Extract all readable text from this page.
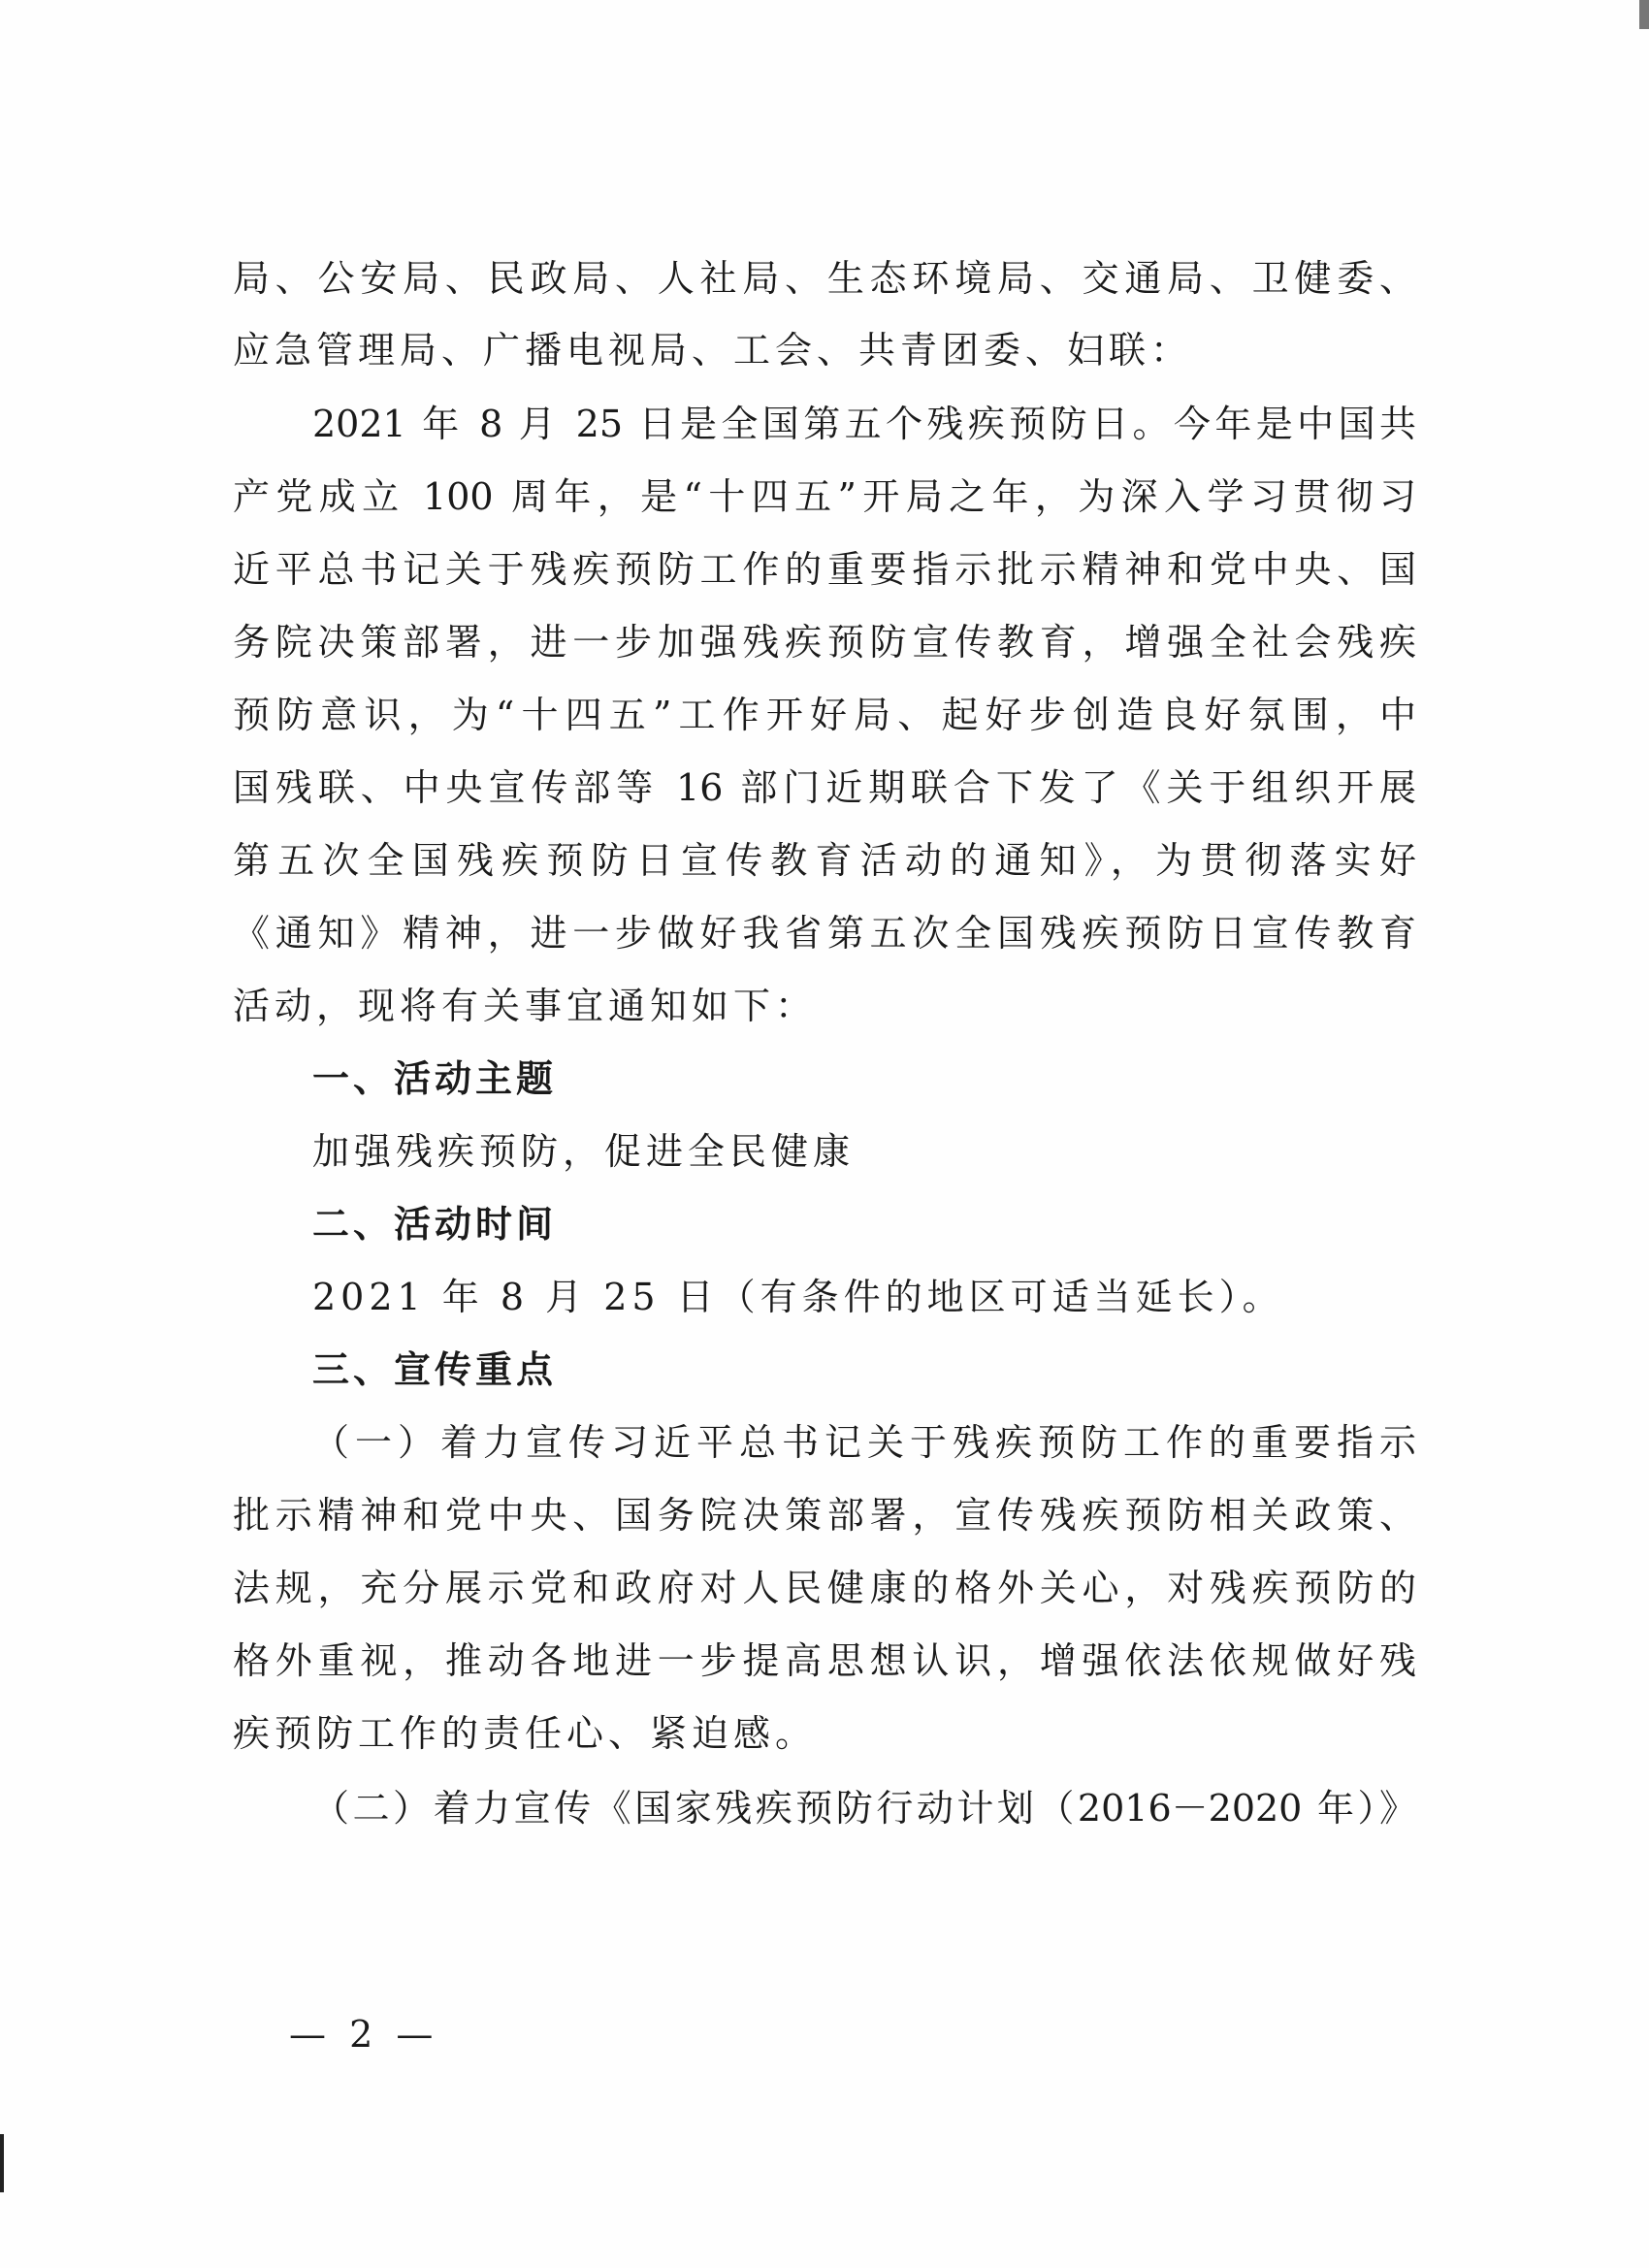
局、公安局、民政局、人社局、生态环境局、交通局、卫健委、
应急管理局、广播电视局、工会、共青团委、妇联：
2021 年 8 月 25 日是全国第五个残疾预防日。今年是中国共
产党成立 100 周年，是“十四五”开局之年，为深入学习贯彻习
近平总书记关于残疾预防工作的重要指示批示精神和党中央、国
务院决策部署，进一步加强残疾预防宣传教育，增强全社会残疾
预防意识，为“十四五”工作开好局、起好步创造良好氛围，中
国残联、中央宣传部等 16 部门近期联合下发了《关于组织开展
第五次全国残疾预防日宣传教育活动的通知》，为贯彻落实好
《通知》精神，进一步做好我省第五次全国残疾预防日宣传教育
活动，现将有关事宜通知如下：
一、活动主题
加强残疾预防，促进全民健康
二、活动时间
2021 年 8 月 25 日（有条件的地区可适当延长）。
三、宣传重点
（一）着力宣传习近平总书记关于残疾预防工作的重要指示
批示精神和党中央、国务院决策部署，宣传残疾预防相关政策、
法规，充分展示党和政府对人民健康的格外关心，对残疾预防的
格外重视，推动各地进一步提高思想认识，增强依法依规做好残
疾预防工作的责任心、紧迫感。
（二）着力宣传《国家残疾预防行动计划（2016－2020 年）》
— 2 —
